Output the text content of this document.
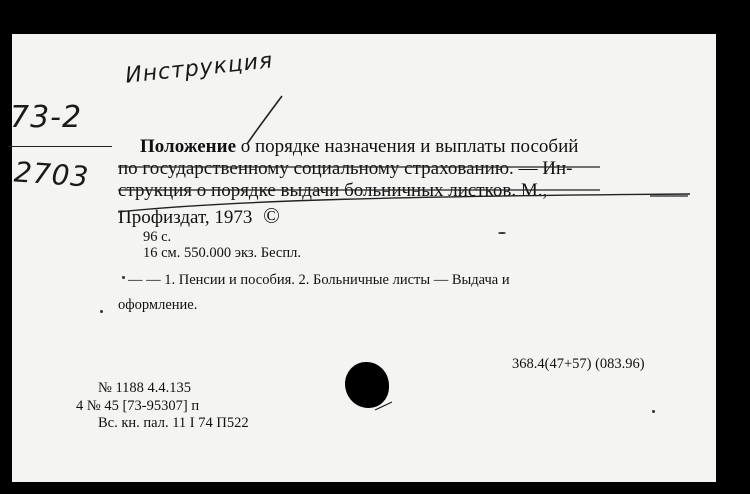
Инструкция
73-2
2703
Положение о порядке назначения и выплаты пособий
по государственному социальному страхованию. — Ин-
струкция о порядке выдачи больничных листков. М.,
Профиздат, 1973 ©
96 с.
16 см. 550.000 экз. Беспл.
— — 1. Пенсии и пособия. 2. Больничные листы — Выдача и
оформление.
368.4(47+57) (083.96)
№ 1188 4.4.135
4 № 45 [73-95307] п
Вс. кн. пал. 11 I 74 П522
